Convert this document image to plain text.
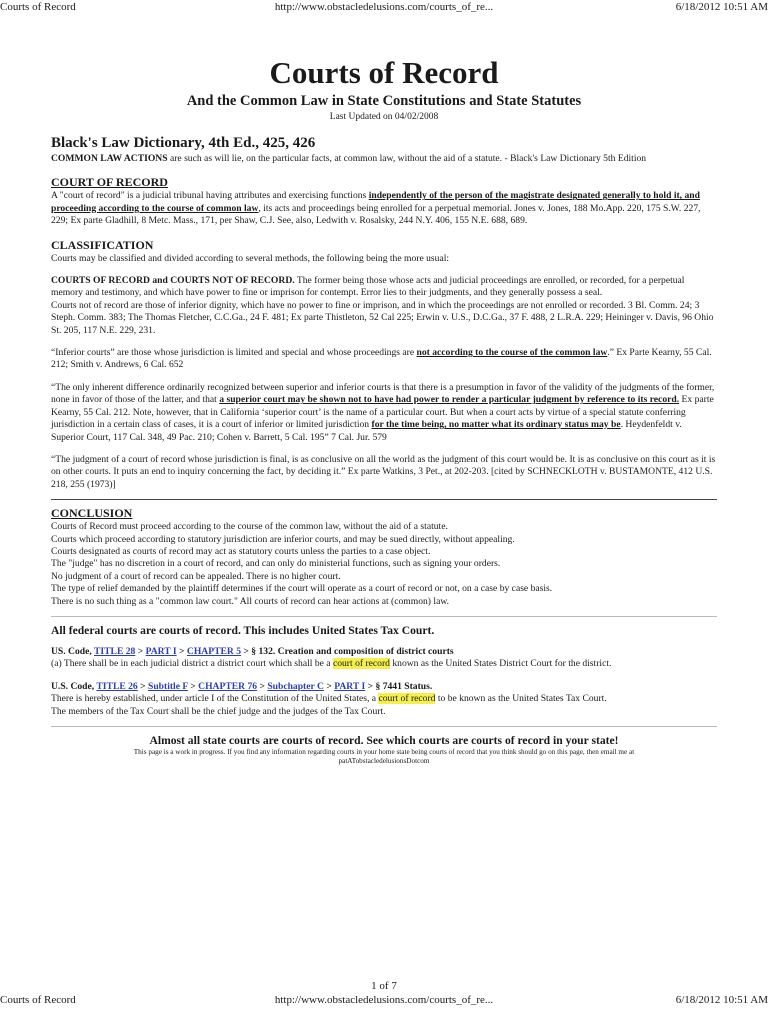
Courts of Record	http://www.obstacledelusions.com/courts_of_re...	6/18/2012 10:51 AM
Courts of Record
And the Common Law in State Constitutions and State Statutes
Last Updated on 04/02/2008
Black's Law Dictionary, 4th Ed., 425, 426

COMMON LAW ACTIONS are such as will lie, on the particular facts, at common law, without the aid of a statute. - Black's Law Dictionary 5th Edition

COURT OF RECORD

A "court of record" is a judicial tribunal having attributes and exercising functions independently of the person of the magistrate designated generally to hold it, and proceeding according to the course of common law, its acts and proceedings being enrolled for a perpetual memorial. Jones v. Jones, 188 Mo.App. 220, 175 S.W. 227, 229; Ex parte Gladhill, 8 Metc. Mass., 171, per Shaw, C.J. See, also, Ledwith v. Rosalsky, 244 N.Y. 406, 155 N.E. 688, 689.

CLASSIFICATION

Courts may be classified and divided according to several methods, the following being the more usual:

COURTS OF RECORD and COURTS NOT OF RECORD. The former being those whose acts and judicial proceedings are enrolled, or recorded, for a perpetual memory and testimony, and which have power to fine or imprison for contempt. Error lies to their judgments, and they generally possess a seal.

Courts not of record are those of inferior dignity, which have no power to fine or imprison, and in which the proceedings are not enrolled or recorded. 3 Bl. Comm. 24; 3 Steph. Comm. 383; The Thomas Fletcher, C.C.Ga., 24 F. 481; Ex parte Thistleton, 52 Cal 225; Erwin v. U.S., D.C.Ga., 37 F. 488, 2 L.R.A. 229; Heininger v. Davis, 96 Ohio St. 205, 117 N.E. 229, 231.

“Inferior courts” are those whose jurisdiction is limited and special and whose proceedings are not according to the course of the common law.” Ex Parte Kearny, 55 Cal. 212; Smith v. Andrews, 6 Cal. 652

“The only inherent difference ordinarily recognized between superior and inferior courts is that there is a presumption in favor of the validity of the judgments of the former, none in favor of those of the latter, and that a superior court may be shown not to have had power to render a particular judgment by reference to its record. Ex parte Kearny, 55 Cal. 212. Note, however, that in California ‘superior court’ is the name of a particular court. But when a court acts by virtue of a special statute conferring jurisdiction in a certain class of cases, it is a court of inferior or limited jurisdiction for the time being, no matter what its ordinary status may be. Heydenfeldt v. Superior Court, 117 Cal. 348, 49 Pac. 210; Cohen v. Barrett, 5 Cal. 195” 7 Cal. Jur. 579

“The judgment of a court of record whose jurisdiction is final, is as conclusive on all the world as the judgment of this court would be. It is as conclusive on this court as it is on other courts. It puts an end to inquiry concerning the fact, by deciding it.” Ex parte Watkins, 3 Pet., at 202-203. [cited by SCHNECKLOTH v. BUSTAMONTE, 412 U.S. 218, 255 (1973)]

CONCLUSION

Courts of Record must proceed according to the course of the common law, without the aid of a statute.

Courts which proceed according to statutory jurisdiction are inferior courts, and may be sued directly, without appealing.

Courts designated as courts of record may act as statutory courts unless the parties to a case object.

The "judge" has no discretion in a court of record, and can only do ministerial functions, such as signing your orders.

No judgment of a court of record can be appealed. There is no higher court.

The type of relief demanded by the plaintiff determines if the court will operate as a court of record or not, on a case by case basis.

There is no such thing as a "common law court." All courts of record can hear actions at (common) law.

All federal courts are courts of record. This includes United States Tax Court.

US. Code, TITLE 28 > PART I > CHAPTER 5 > § 132. Creation and composition of district courts

(a) There shall be in each judicial district a district court which shall be a court of record known as the United States District Court for the district.

U.S. Code, TITLE 26 > Subtitle F > CHAPTER 76 > Subchapter C > PART I > § 7441 Status.

There is hereby established, under article I of the Constitution of the United States, a court of record to be known as the United States Tax Court.

The members of the Tax Court shall be the chief judge and the judges of the Tax Court.

Almost all state courts are courts of record. See which courts are courts of record in your state!

This page is a work in progress. If you find any information regarding courts in your home state being courts of record that you think should go on this page, then email me at

patATobstacledelusionsDotcom

1 of 7
Courts of Record	http://www.obstacledelusions.com/courts_of_re...	6/18/2012 10:51 AM
